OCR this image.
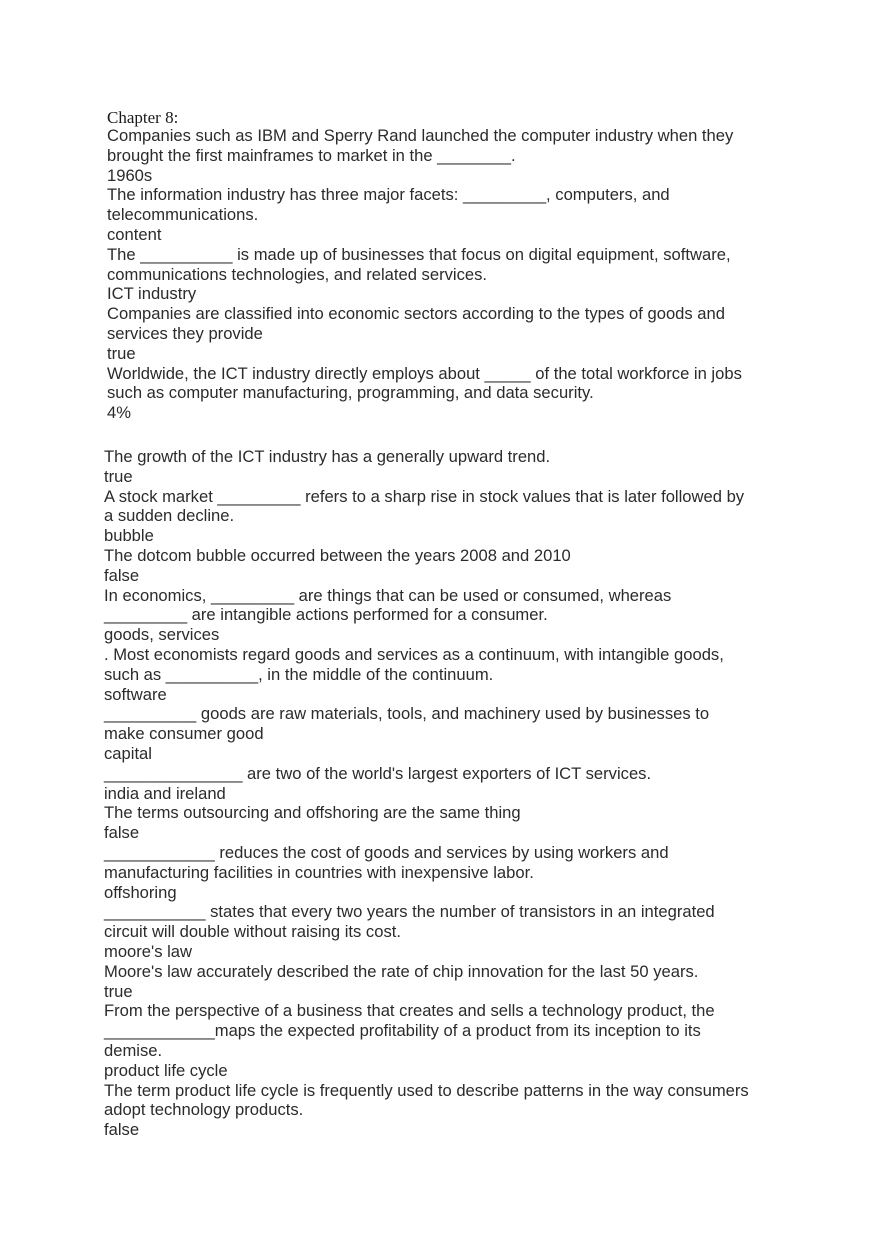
Chapter 8:
Companies such as IBM and Sperry Rand launched the computer industry when they
brought the first mainframes to market in the ________.
1960s
The information industry has three major facets: _________, computers, and
telecommunications.
content
The __________ is made up of businesses that focus on digital equipment, software,
communications technologies, and related services.
ICT industry
Companies are classified into economic sectors according to the types of goods and
services they provide
true
Worldwide, the ICT industry directly employs about _____ of the total workforce in jobs
such as computer manufacturing, programming, and data security.
4%
The growth of the ICT industry has a generally upward trend.
true
A stock market _________ refers to a sharp rise in stock values that is later followed by
a sudden decline.
bubble
The dotcom bubble occurred between the years 2008 and 2010
false
In economics, _________ are things that can be used or consumed, whereas
_________ are intangible actions performed for a consumer.
goods, services
. Most economists regard goods and services as a continuum, with intangible goods,
such as __________, in the middle of the continuum.
software
__________ goods are raw materials, tools, and machinery used by businesses to
make consumer good
capital
_______________ are two of the world's largest exporters of ICT services.
india and ireland
The terms outsourcing and offshoring are the same thing
false
____________ reduces the cost of goods and services by using workers and
manufacturing facilities in countries with inexpensive labor.
offshoring
___________ states that every two years the number of transistors in an integrated
circuit will double without raising its cost.
moore's law
Moore's law accurately described the rate of chip innovation for the last 50 years.
true
From the perspective of a business that creates and sells a technology product, the
____________maps the expected profitability of a product from its inception to its
demise.
product life cycle
The term product life cycle is frequently used to describe patterns in the way consumers
adopt technology products.
false
